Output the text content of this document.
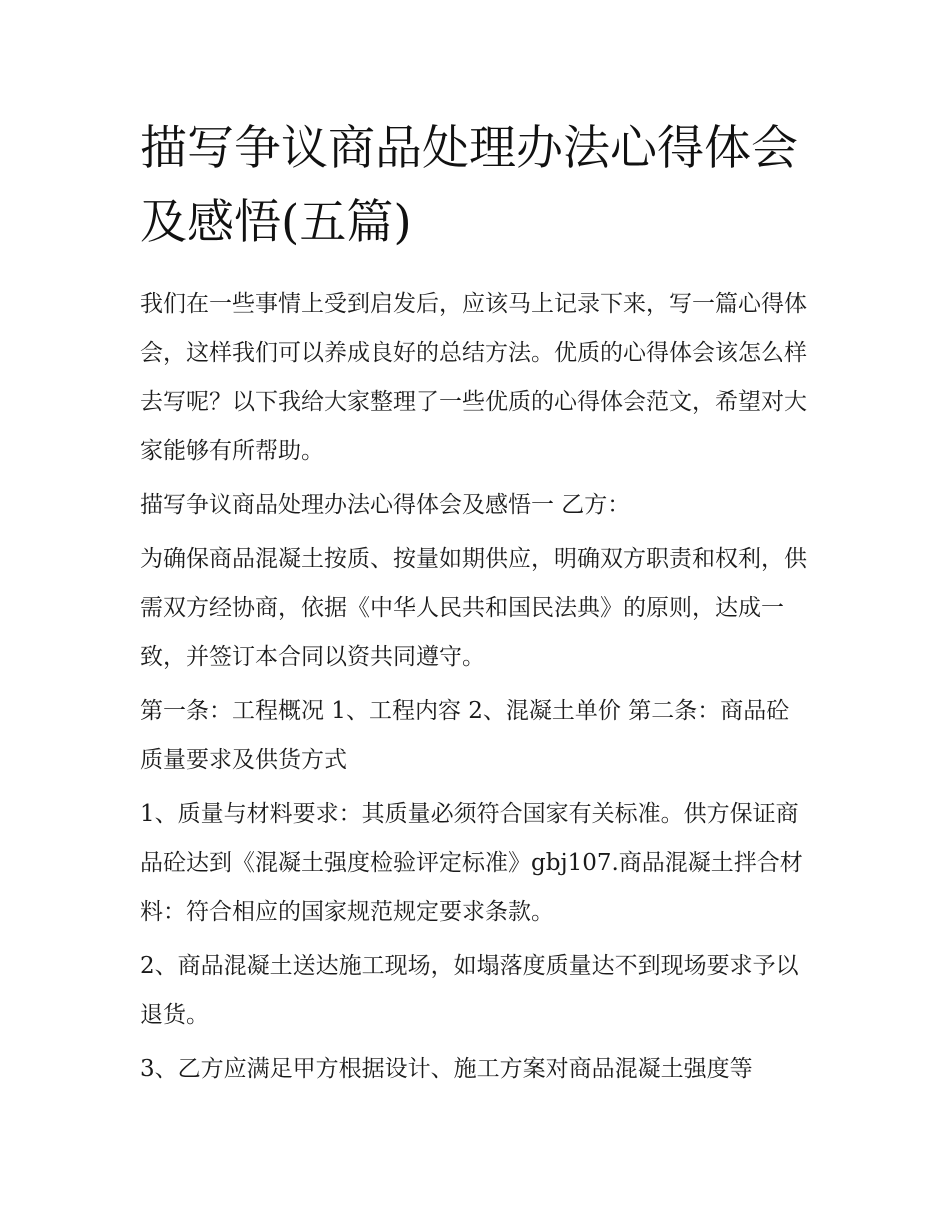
描写争议商品处理办法心得体会及感悟(五篇)

我们在一些事情上受到启发后，应该马上记录下来，写一篇心得体会，这样我们可以养成良好的总结方法。优质的心得体会该怎么样去写呢？以下我给大家整理了一些优质的心得体会范文，希望对大家能够有所帮助。

描写争议商品处理办法心得体会及感悟一 乙方：

为确保商品混凝土按质、按量如期供应，明确双方职责和权利，供需双方经协商，依据《中华人民共和国民法典》的原则，达成一致，并签订本合同以资共同遵守。

第一条：工程概况 1、工程内容 2、混凝土单价 第二条：商品砼质量要求及供货方式

1、质量与材料要求：其质量必须符合国家有关标准。供方保证商品砼达到《混凝土强度检验评定标准》gbj107.商品混凝土拌合材料：符合相应的国家规范规定要求条款。

2、商品混凝土送达施工现场，如塌落度质量达不到现场要求予以退货。

3、乙方应满足甲方根据设计、施工方案对商品混凝土强度等
